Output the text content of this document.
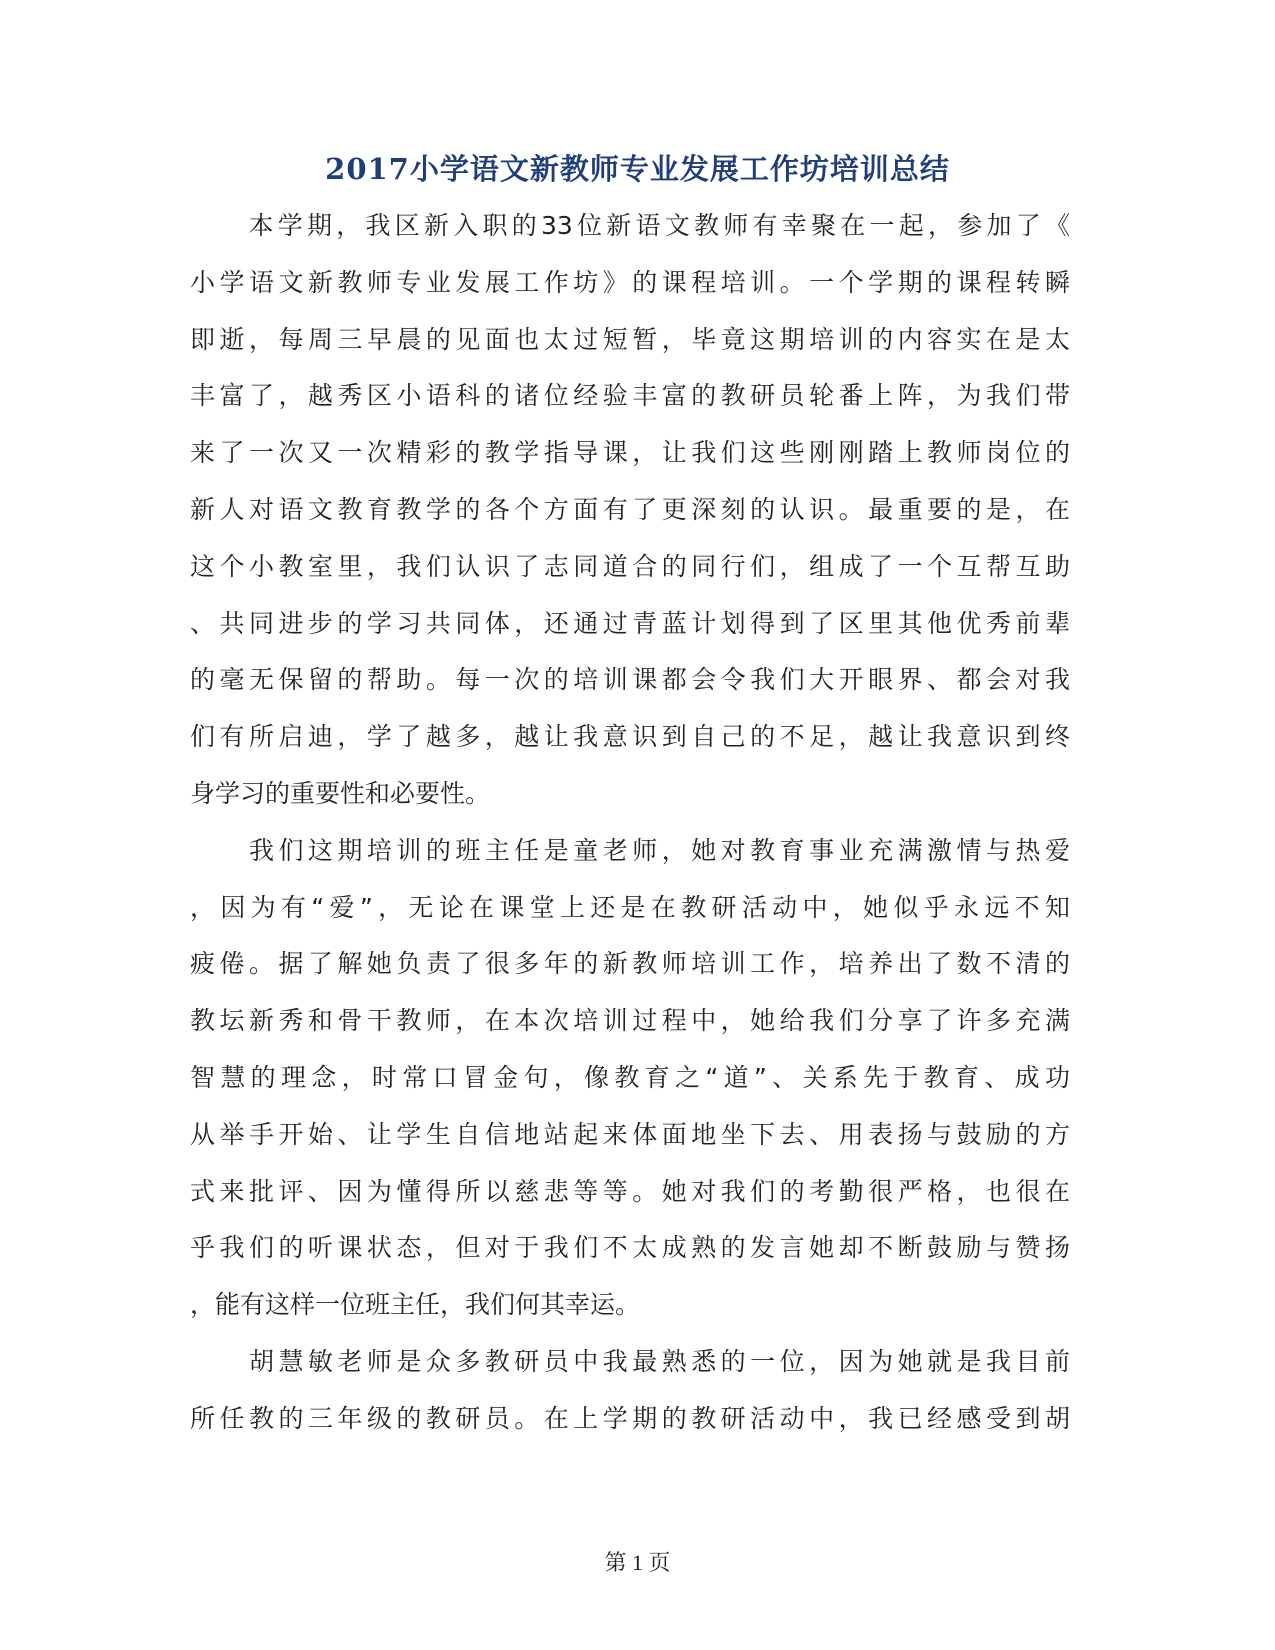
2017小学语文新教师专业发展工作坊培训总结
　　本学期，我区新入职的33位新语文教师有幸聚在一起，参加了《
小学语文新教师专业发展工作坊》的课程培训。一个学期的课程转瞬
即逝，每周三早晨的见面也太过短暂，毕竟这期培训的内容实在是太
丰富了，越秀区小语科的诸位经验丰富的教研员轮番上阵，为我们带
来了一次又一次精彩的教学指导课，让我们这些刚刚踏上教师岗位的
新人对语文教育教学的各个方面有了更深刻的认识。最重要的是，在
这个小教室里，我们认识了志同道合的同行们，组成了一个互帮互助
、共同进步的学习共同体，还通过青蓝计划得到了区里其他优秀前辈
的毫无保留的帮助。每一次的培训课都会令我们大开眼界、都会对我
们有所启迪，学了越多，越让我意识到自己的不足，越让我意识到终
身学习的重要性和必要性。
　　我们这期培训的班主任是童老师，她对教育事业充满激情与热爱
，因为有“爱”，无论在课堂上还是在教研活动中，她似乎永远不知
疲倦。据了解她负责了很多年的新教师培训工作，培养出了数不清的
教坛新秀和骨干教师，在本次培训过程中，她给我们分享了许多充满
智慧的理念，时常口冒金句，像教育之“道”、关系先于教育、成功
从举手开始、让学生自信地站起来体面地坐下去、用表扬与鼓励的方
式来批评、因为懂得所以慈悲等等。她对我们的考勤很严格，也很在
乎我们的听课状态，但对于我们不太成熟的发言她却不断鼓励与赞扬
，能有这样一位班主任，我们何其幸运。
　　胡慧敏老师是众多教研员中我最熟悉的一位，因为她就是我目前
所任教的三年级的教研员。在上学期的教研活动中，我已经感受到胡
第 1 页
